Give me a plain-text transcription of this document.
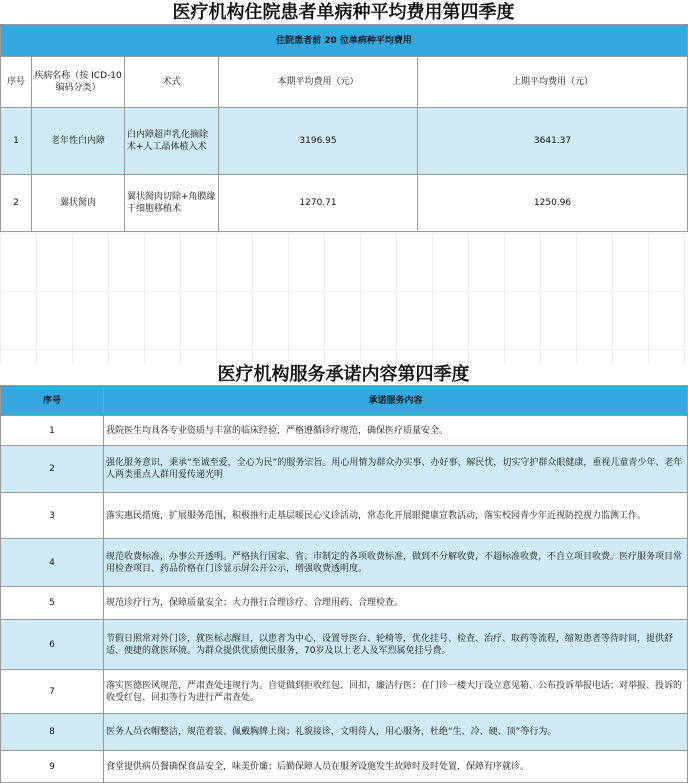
医疗机构住院患者单病种平均费用第四季度
住院患者前 20 位单病种平均费用				
序号	疾病名称（按 ICD-10 编码分类）	术式	本期平均费用（元）	上期平均费用（元）
1	老年性白内障	白内障超声乳化摘除术+人工晶体植入术	3196.95	3641.37
2	翼状胬肉	翼状胬肉切除+角膜缘干细胞移植术	1270.71	1250.96
医疗机构服务承诺内容第四季度
序号	承诺服务内容
1	我院医生均具各专业资质与丰富的临床经验，严格遵循诊疗规范，确保医疗质量安全。
2	强化服务意识，秉承“至诚至爱，全心为民”的服务宗旨。用心用情为群众办实事、办好事、解民忧，切实守护群众眼健康，重视儿童青少年、老年人两类重点人群用爱传递光明
3	落实惠民措施，扩展服务范围，积极推行走基层暖民心义诊活动，常态化开展眼健康宣教活动，落实校园青少年近视防控视力监测工作。
4	规范收费标准，办事公开透明。严格执行国家、省、市制定的各项收费标准，做到不分解收费，不超标准收费，不自立项目收费。医疗服务项目常用检查项目、药品价格在门诊显示屏公开公示，增强收费透明度。
5	规范诊疗行为，保障质量安全；大力推行合理诊疗、合理用药、合理检查。
6	节假日照常对外门诊，就医标志醒目，以患者为中心，设置导医台、轮椅等，优化挂号、检查、治疗、取药等流程，缩短患者等待时间，提供舒适、便捷的就医环境。为群众提供优质便民服务，70岁及以上老人及军烈属免挂号费。
7	落实医德医风规范，严肃查处违规行为。自觉做到拒收红包、回扣，廉洁行医；在门诊一楼大厅设立意见箱、公布投诉举报电话；对举报、投诉的收受红包、回扣等行为进行严肃查处。
8	医务人员衣帽整洁，规范着装、佩戴胸牌上岗；礼貌接诊，文明待人，用心服务，杜绝“生、冷、硬、顶”等行为。
9	食堂提供病员餐确保食品安全，味美价廉；后勤保障人员在服务设施发生故障时及时处置，保障有序就诊。
